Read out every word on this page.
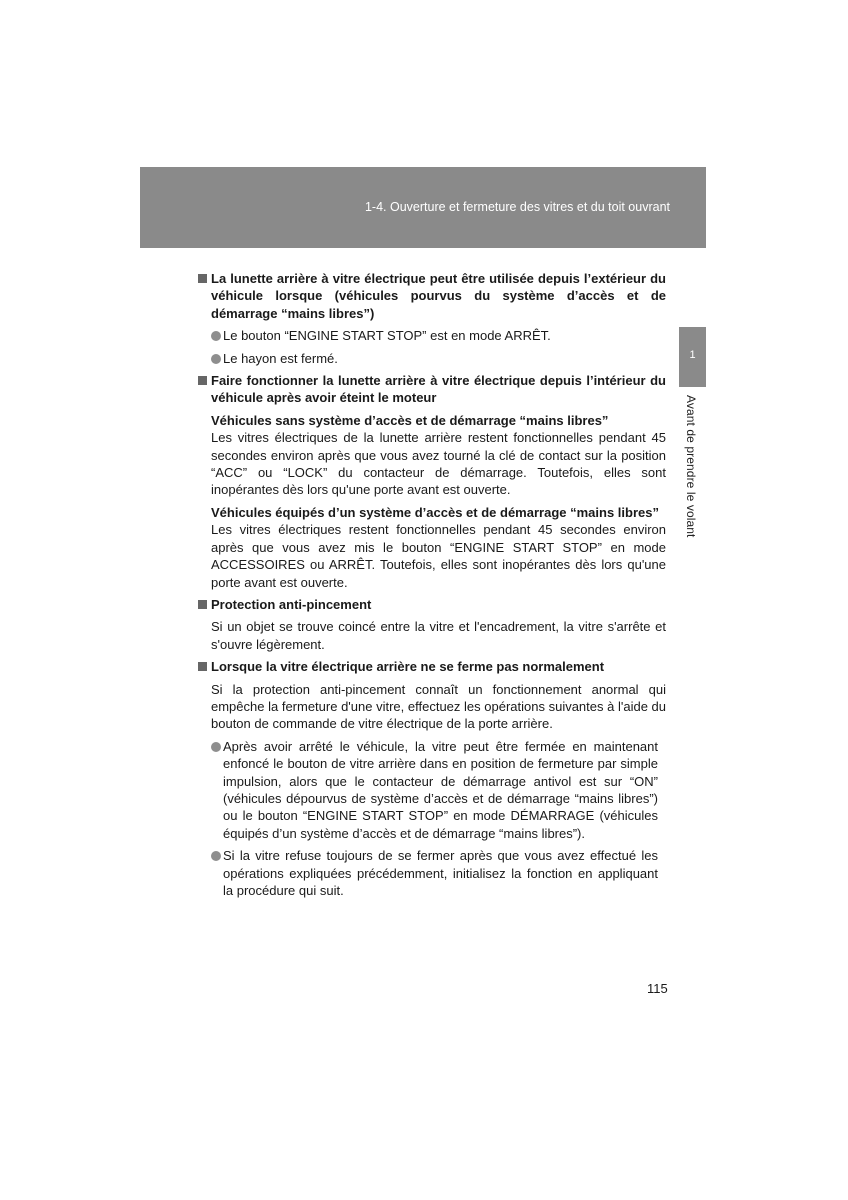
1-4. Ouverture et fermeture des vitres et du toit ouvrant
1
Avant de prendre le volant
La lunette arrière à vitre électrique peut être utilisée depuis l’extérieur du véhicule lorsque (véhicules pourvus du système d’accès et de démarrage “mains libres”)
Le bouton “ENGINE START STOP” est en mode ARRÊT.
Le hayon est fermé.
Faire fonctionner la lunette arrière à vitre électrique depuis l’intérieur du véhicule après avoir éteint le moteur
Véhicules sans système d’accès et de démarrage “mains libres”
Les vitres électriques de la lunette arrière restent fonctionnelles pendant 45 secondes environ après que vous avez tourné la clé de contact sur la position “ACC” ou “LOCK” du contacteur de démarrage. Toutefois, elles sont inopérantes dès lors qu'une porte avant est ouverte.
Véhicules équipés d’un système d’accès et de démarrage “mains libres”
Les vitres électriques restent fonctionnelles pendant 45 secondes environ après que vous avez mis le bouton “ENGINE START STOP” en mode ACCESSOIRES ou ARRÊT. Toutefois, elles sont inopérantes dès lors qu'une porte avant est ouverte.
Protection anti-pincement
Si un objet se trouve coincé entre la vitre et l'encadrement, la vitre s'arrête et s'ouvre légèrement.
Lorsque la vitre électrique arrière ne se ferme pas normalement
Si la protection anti-pincement connaît un fonctionnement anormal qui empêche la fermeture d'une vitre, effectuez les opérations suivantes à l'aide du bouton de commande de vitre électrique de la porte arrière.
Après avoir arrêté le véhicule, la vitre peut être fermée en maintenant enfoncé le bouton de vitre arrière dans en position de fermeture par simple impulsion, alors que le contacteur de démarrage antivol est sur “ON” (véhicules dépourvus de système d’accès et de démarrage “mains libres”) ou le bouton “ENGINE START STOP” en mode DÉMARRAGE (véhicules équipés d’un système d’accès et de démarrage “mains libres”).
Si la vitre refuse toujours de se fermer après que vous avez effectué les opérations expliquées précédemment, initialisez la fonction en appliquant la procédure qui suit.
115
